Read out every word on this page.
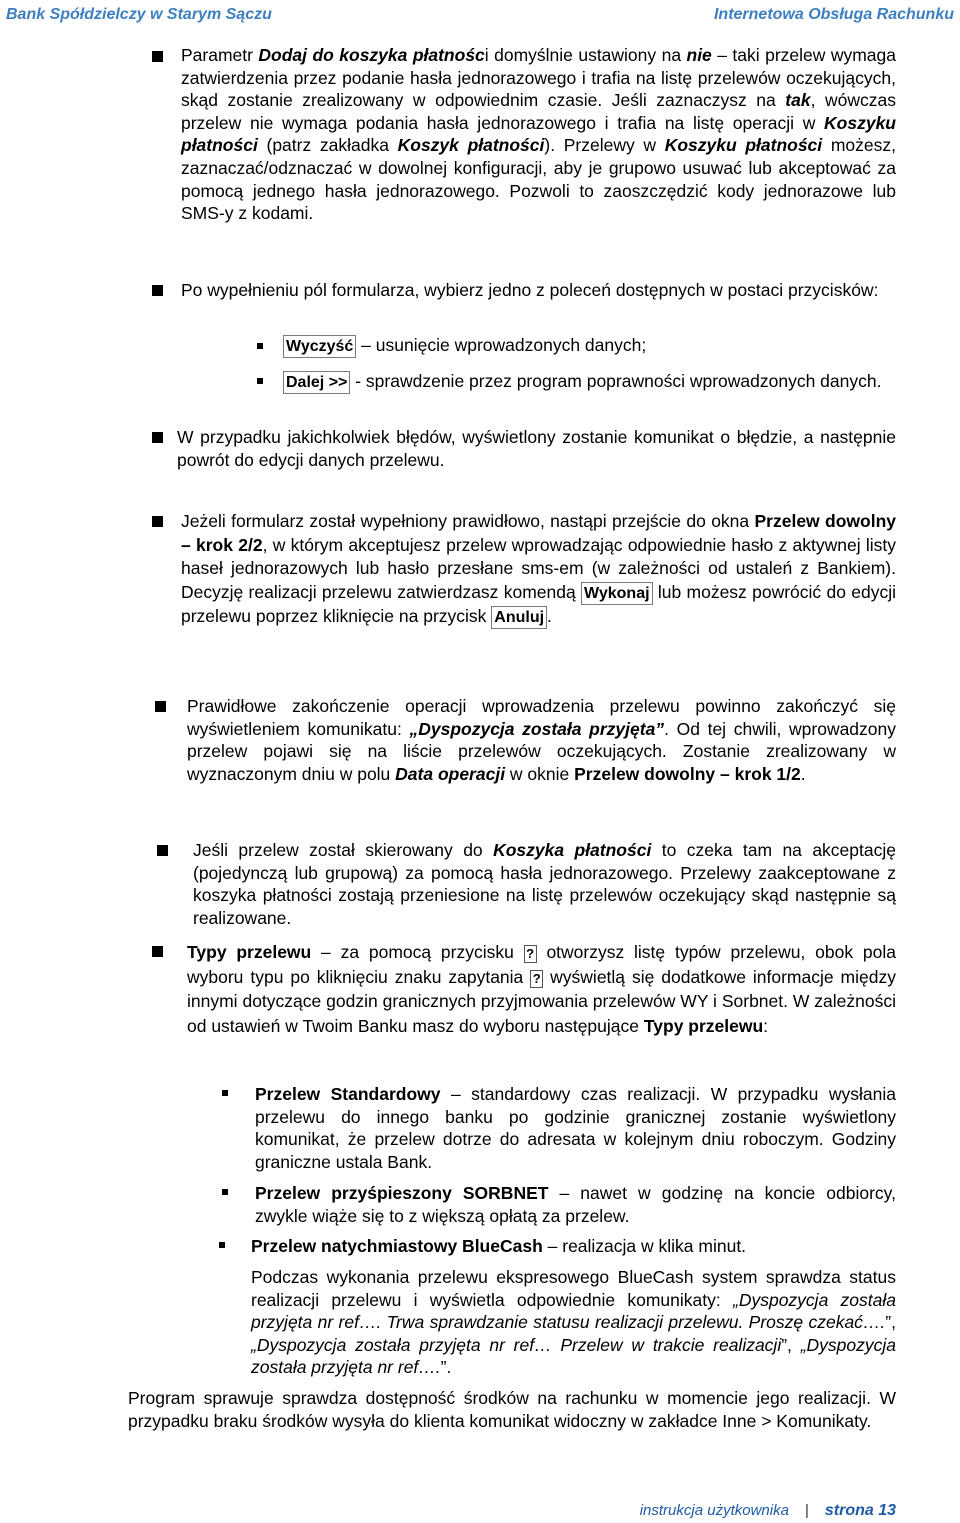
Bank Spółdzielczy w Starym Sączu	Internetowa Obsługa Rachunku
Parametr Dodaj do koszyka płatności domyślnie ustawiony na nie – taki przelew wymaga zatwierdzenia przez podanie hasła jednorazowego i trafia na listę przelewów oczekujących, skąd zostanie zrealizowany w odpowiednim czasie. Jeśli zaznaczysz na tak, wówczas przelew nie wymaga podania hasła jednorazowego i trafia na listę operacji w Koszyku płatności (patrz zakładka Koszyk płatności). Przelewy w Koszyku płatności możesz, zaznaczać/odznaczać w dowolnej konfiguracji, aby je grupowo usuwać lub akceptować za pomocą jednego hasła jednorazowego. Pozwoli to zaoszczędzić kody jednorazowe lub SMS-y z kodami.
Po wypełnieniu pól formularza, wybierz jedno z poleceń dostępnych w postaci przycisków:
Wyczyść – usunięcie wprowadzonych danych;
Dalej >> - sprawdzenie przez program poprawności wprowadzonych danych.
W przypadku jakichkolwiek błędów, wyświetlony zostanie komunikat o błędzie, a następnie powrót do edycji danych przelewu.
Jeżeli formularz został wypełniony prawidłowo, nastąpi przejście do okna Przelew dowolny – krok 2/2, w którym akceptujesz przelew wprowadzając odpowiednie hasło z aktywnej listy haseł jednorazowych lub hasło przesłane sms-em (w zależności od ustaleń z Bankiem). Decyzję realizacji przelewu zatwierdzasz komendą Wykonaj lub możesz powrócić do edycji przelewu poprzez kliknięcie na przycisk Anuluj .
Prawidłowe zakończenie operacji wprowadzenia przelewu powinno zakończyć się wyświetleniem komunikatu: „Dyspozycja została przyjęta”. Od tej chwili, wprowadzony przelew pojawi się na liście przelewów oczekujących. Zostanie zrealizowany w wyznaczonym dniu w polu Data operacji w oknie Przelew dowolny – krok 1/2.
Jeśli przelew został skierowany do Koszyka płatności to czeka tam na akceptację (pojedynczą lub grupową) za pomocą hasła jednorazowego. Przelewy zaakceptowane z koszyka płatności zostają przeniesione na listę przelewów oczekujący skąd następnie są realizowane.
Typy przelewu – za pomocą przycisku ? otworzysz listę typów przelewu, obok pola wyboru typu po kliknięciu znaku zapytania ? wyświetlą się dodatkowe informacje między innymi dotyczące godzin granicznych przyjmowania przelewów WY i Sorbnet. W zależności od ustawień w Twoim Banku masz do wyboru następujące Typy przelewu:
Przelew Standardowy – standardowy czas realizacji. W przypadku wysłania przelewu do innego banku po godzinie granicznej zostanie wyświetlony komunikat, że przelew dotrze do adresata w kolejnym dniu roboczym. Godziny graniczne ustala Bank.
Przelew przyśpieszony SORBNET – nawet w godzinę na koncie odbiorcy, zwykle wiąże się to z większą opłatą za przelew.
Przelew natychmiastowy BlueCash – realizacja w klika minut.
Podczas wykonania przelewu ekspresowego BlueCash system sprawdza status realizacji przelewu i wyświetla odpowiednie komunikaty: „Dyspozycja została przyjęta nr ref…. Trwa sprawdzanie statusu realizacji przelewu. Proszę czekać….”, „Dyspozycja została przyjęta nr ref… Przelew w trakcie realizacji”, „Dyspozycja została przyjęta nr ref….”.
Program sprawuje sprawdza dostępność środków na rachunku w momencie jego realizacji. W przypadku braku środków wysyła do klienta komunikat widoczny w zakładce Inne > Komunikaty.
instrukcja użytkownika | strona 13
